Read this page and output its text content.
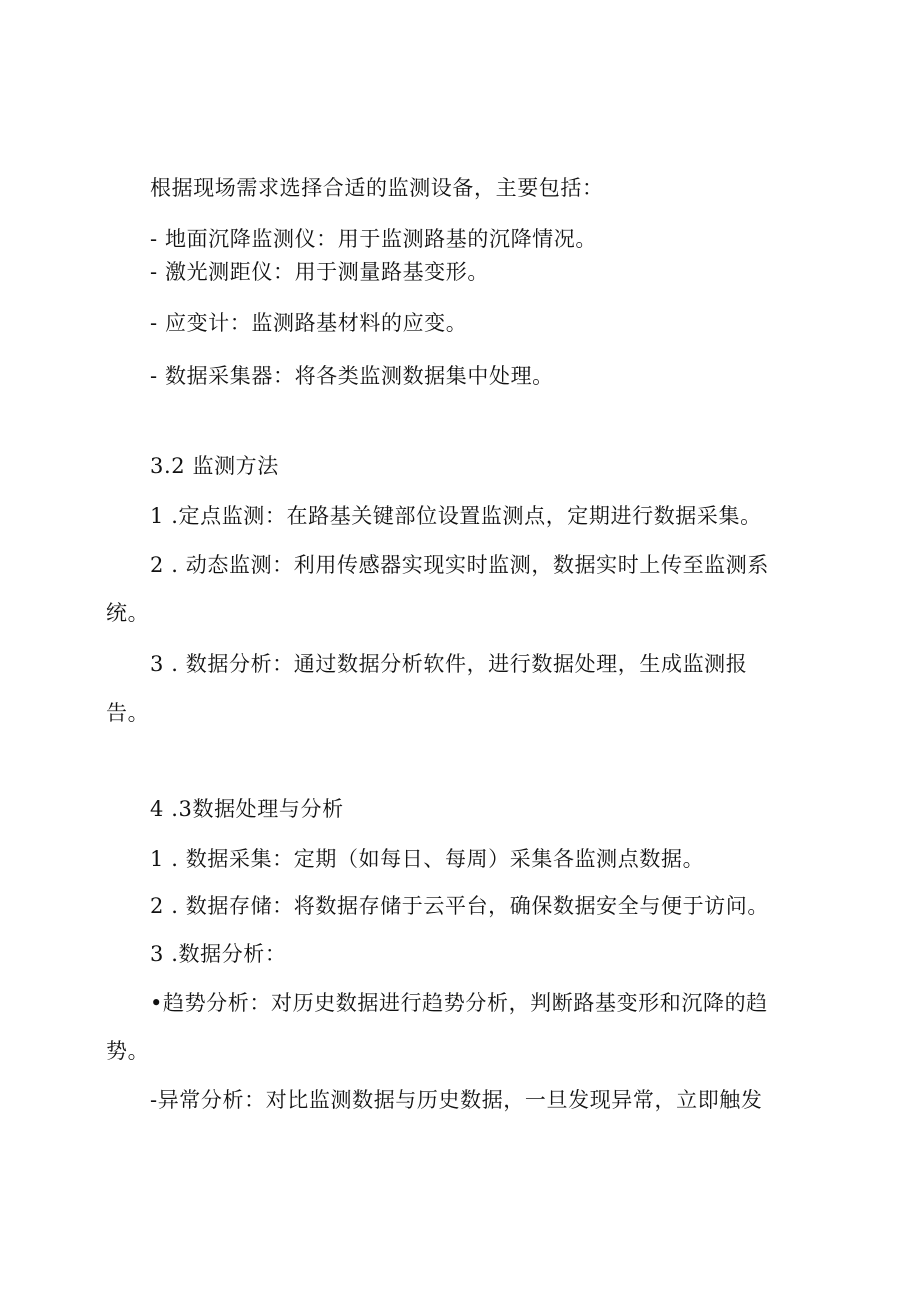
根据现场需求选择合适的监测设备，主要包括：
- 地面沉降监测仪：用于监测路基的沉降情况。
- 激光测距仪：用于测量路基变形。
- 应变计：监测路基材料的应变。
- 数据采集器：将各类监测数据集中处理。
3.2 监测方法
1 .定点监测：在路基关键部位设置监测点，定期进行数据采集。
2 . 动态监测：利用传感器实现实时监测，数据实时上传至监测系
统。
3 . 数据分析：通过数据分析软件，进行数据处理，生成监测报
告。
4 .3数据处理与分析
1 . 数据采集：定期（如每日、每周）采集各监测点数据。
2 . 数据存储：将数据存储于云平台，确保数据安全与便于访问。
3 .数据分析：
•趋势分析：对历史数据进行趋势分析，判断路基变形和沉降的趋
势。
-异常分析：对比监测数据与历史数据，一旦发现异常，立即触发
